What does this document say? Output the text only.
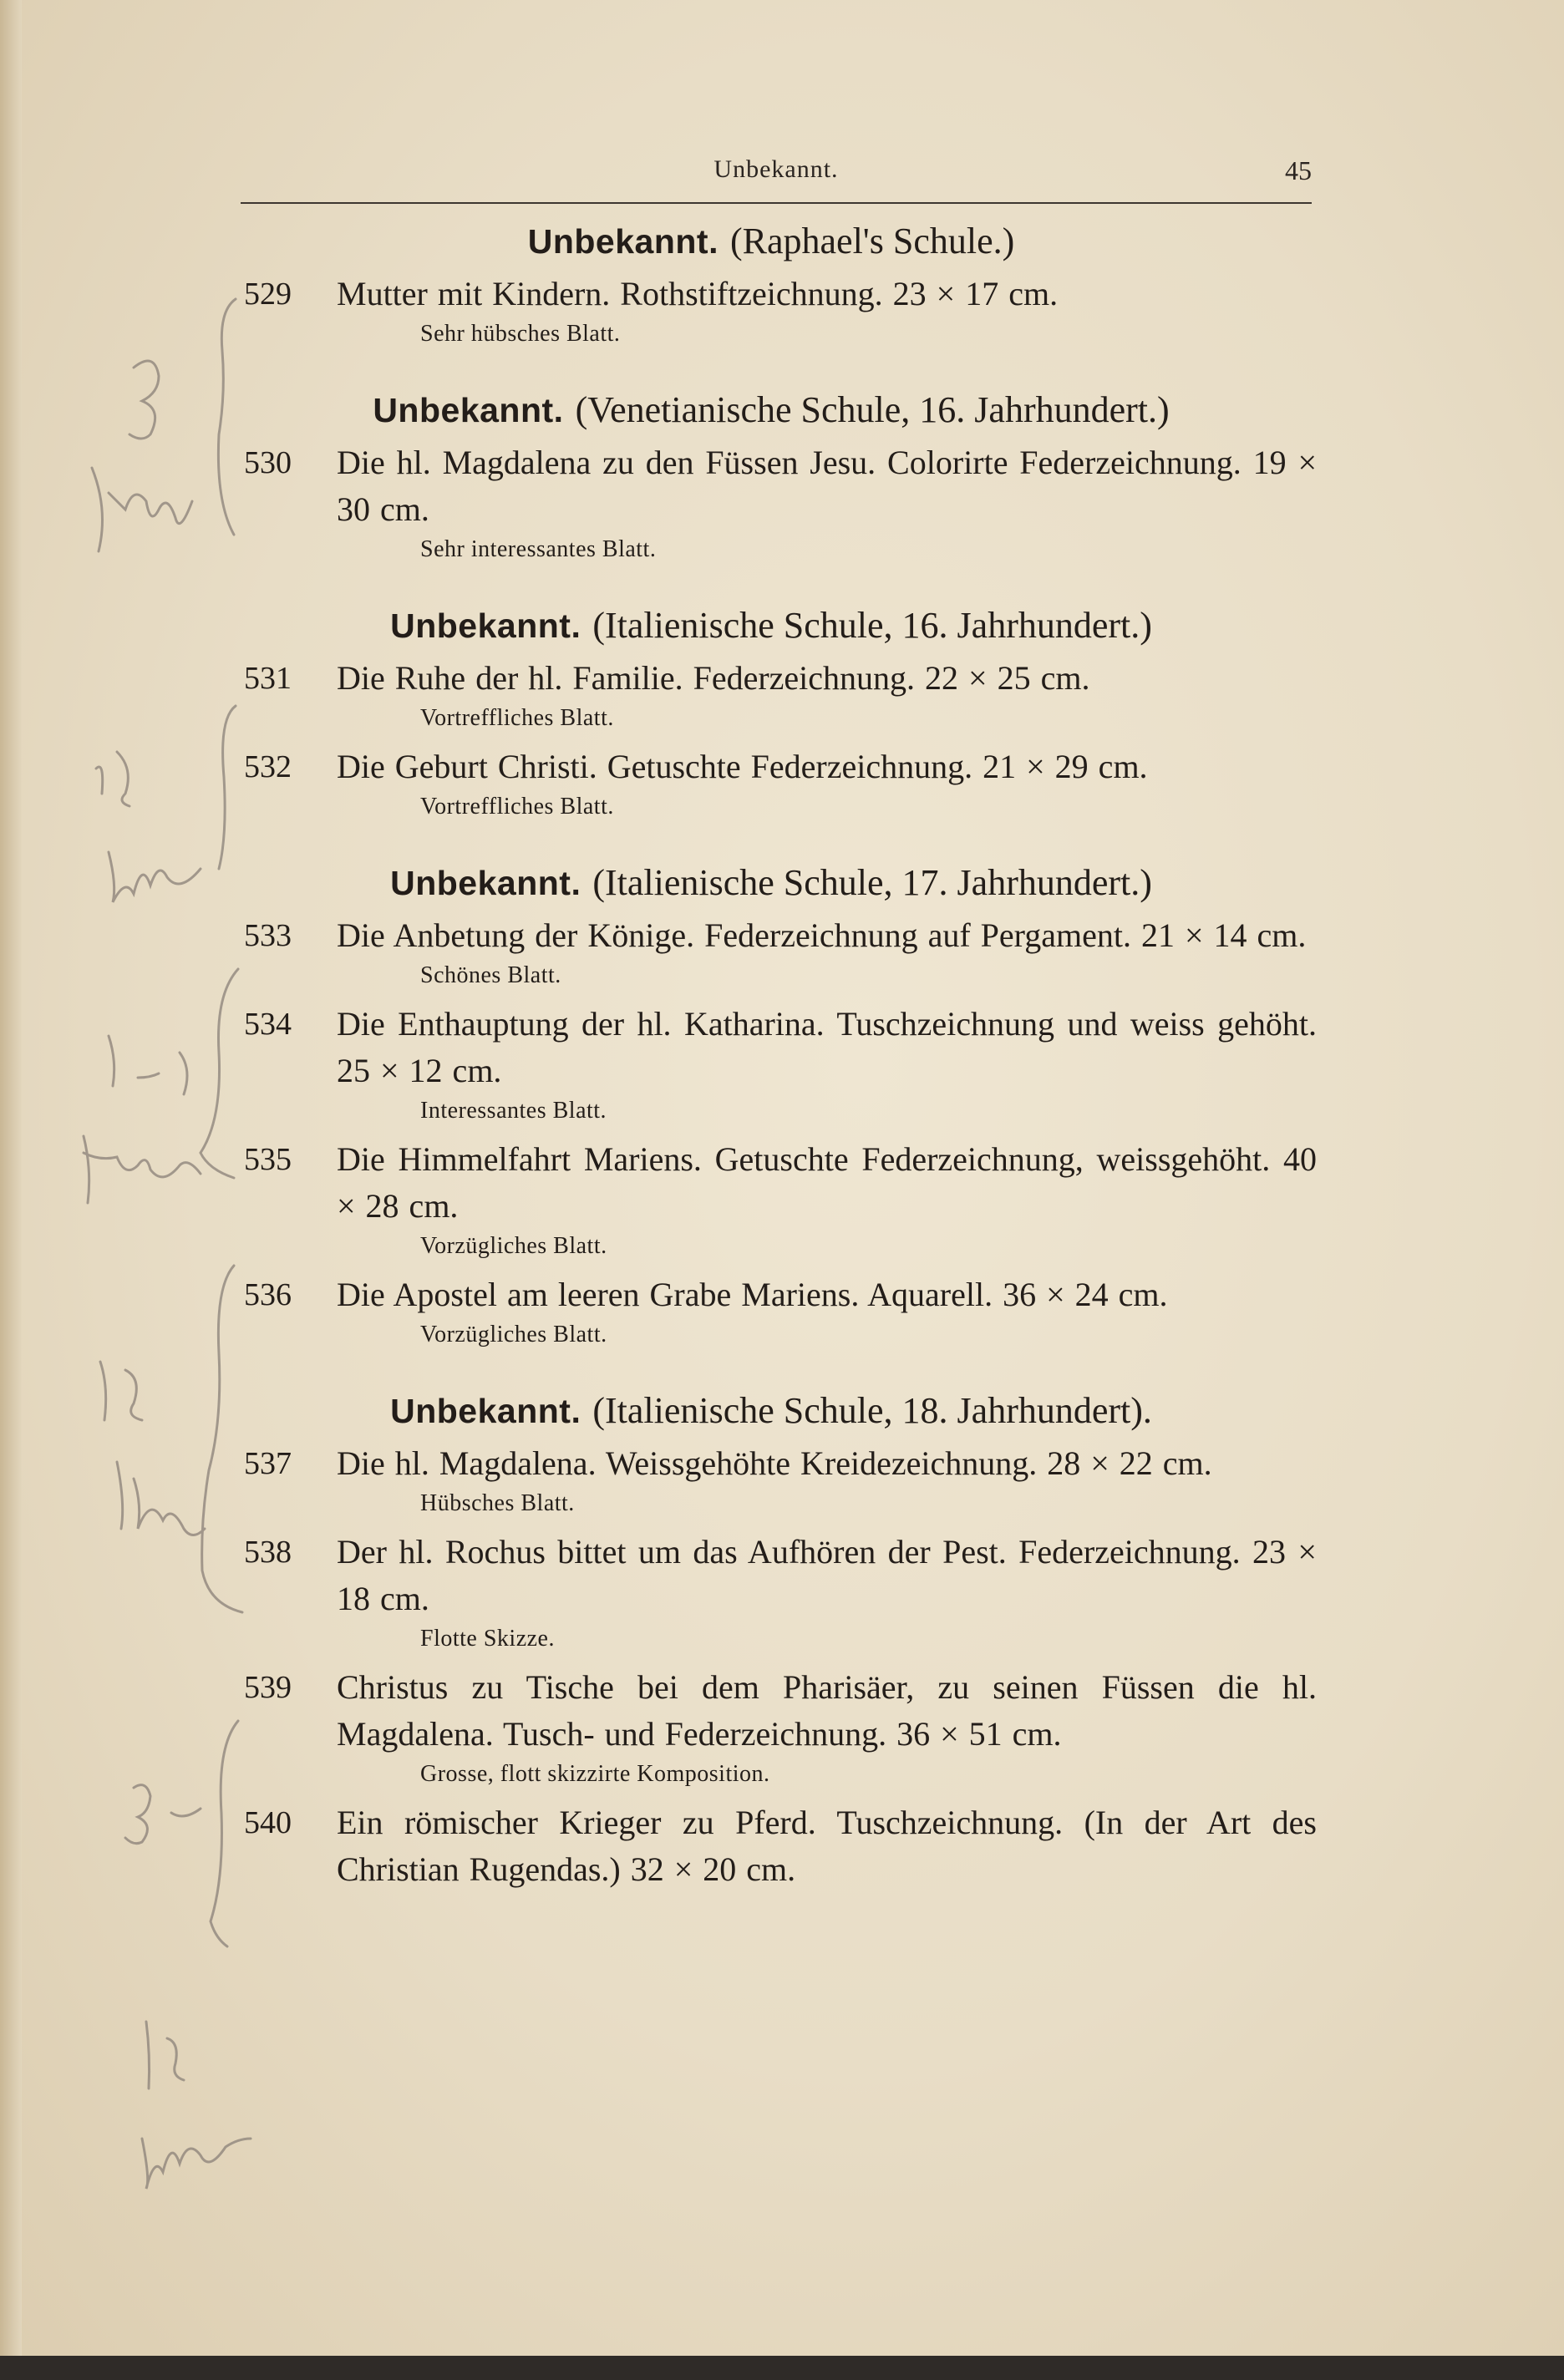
Unbekannt.	45
Unbekannt. (Raphael's Schule.)
529	Mutter mit Kindern. Rothstiftzeichnung. 23 × 17 cm.
Sehr hübsches Blatt.
Unbekannt. (Venetianische Schule, 16. Jahrhundert.)
530	Die hl. Magdalena zu den Füssen Jesu. Colorirte Federzeichnung. 19 × 30 cm.
Sehr interessantes Blatt.
Unbekannt. (Italienische Schule, 16. Jahrhundert.)
531	Die Ruhe der hl. Familie. Federzeichnung. 22 × 25 cm.
Vortreffliches Blatt.
532	Die Geburt Christi. Getuschte Federzeichnung. 21 × 29 cm.
Vortreffliches Blatt.
Unbekannt. (Italienische Schule, 17. Jahrhundert.)
533	Die Anbetung der Könige. Federzeichnung auf Pergament. 21 × 14 cm.
Schönes Blatt.
534	Die Enthauptung der hl. Katharina. Tuschzeichnung und weiss gehöht. 25 × 12 cm.
Interessantes Blatt.
535	Die Himmelfahrt Mariens. Getuschte Federzeichnung, weissgehöht. 40 × 28 cm.
Vorzügliches Blatt.
536	Die Apostel am leeren Grabe Mariens. Aquarell. 36 × 24 cm.
Vorzügliches Blatt.
Unbekannt. (Italienische Schule, 18. Jahrhundert).
537	Die hl. Magdalena. Weissgehöhte Kreidezeichnung. 28 × 22 cm.
Hübsches Blatt.
538	Der hl. Rochus bittet um das Aufhören der Pest. Federzeichnung. 23 × 18 cm.
Flotte Skizze.
539	Christus zu Tische bei dem Pharisäer, zu seinen Füssen die hl. Magdalena. Tusch- und Federzeichnung. 36 × 51 cm.
Grosse, flott skizzirte Komposition.
540	Ein römischer Krieger zu Pferd. Tuschzeichnung. (In der Art des Christian Rugendas.) 32 × 20 cm.
